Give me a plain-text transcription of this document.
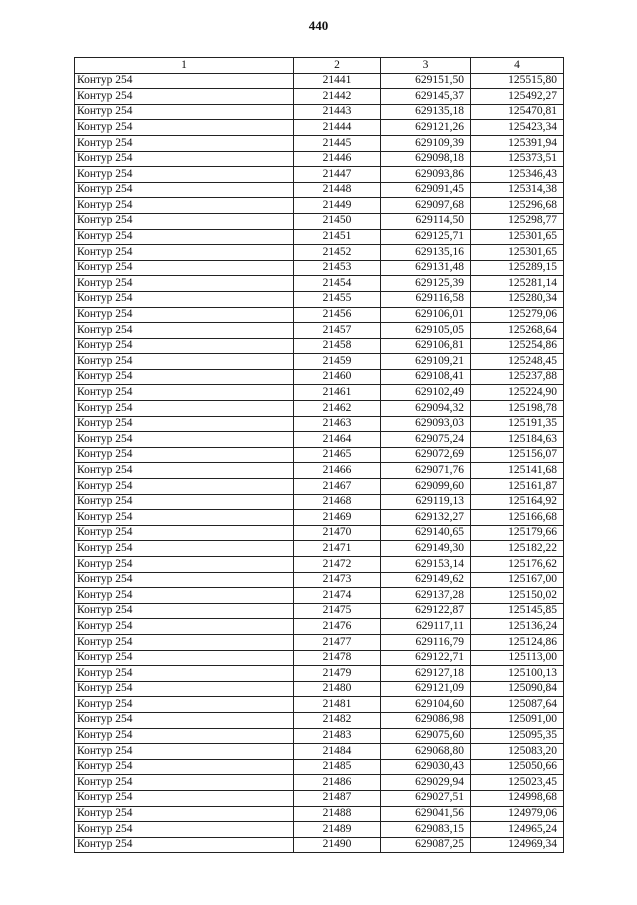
440
1	2	3	4
Контур 254	21441	629151,50	125515,80
Контур 254	21442	629145,37	125492,27
Контур 254	21443	629135,18	125470,81
Контур 254	21444	629121,26	125423,34
Контур 254	21445	629109,39	125391,94
Контур 254	21446	629098,18	125373,51
Контур 254	21447	629093,86	125346,43
Контур 254	21448	629091,45	125314,38
Контур 254	21449	629097,68	125296,68
Контур 254	21450	629114,50	125298,77
Контур 254	21451	629125,71	125301,65
Контур 254	21452	629135,16	125301,65
Контур 254	21453	629131,48	125289,15
Контур 254	21454	629125,39	125281,14
Контур 254	21455	629116,58	125280,34
Контур 254	21456	629106,01	125279,06
Контур 254	21457	629105,05	125268,64
Контур 254	21458	629106,81	125254,86
Контур 254	21459	629109,21	125248,45
Контур 254	21460	629108,41	125237,88
Контур 254	21461	629102,49	125224,90
Контур 254	21462	629094,32	125198,78
Контур 254	21463	629093,03	125191,35
Контур 254	21464	629075,24	125184,63
Контур 254	21465	629072,69	125156,07
Контур 254	21466	629071,76	125141,68
Контур 254	21467	629099,60	125161,87
Контур 254	21468	629119,13	125164,92
Контур 254	21469	629132,27	125166,68
Контур 254	21470	629140,65	125179,66
Контур 254	21471	629149,30	125182,22
Контур 254	21472	629153,14	125176,62
Контур 254	21473	629149,62	125167,00
Контур 254	21474	629137,28	125150,02
Контур 254	21475	629122,87	125145,85
Контур 254	21476	629117,11	125136,24
Контур 254	21477	629116,79	125124,86
Контур 254	21478	629122,71	125113,00
Контур 254	21479	629127,18	125100,13
Контур 254	21480	629121,09	125090,84
Контур 254	21481	629104,60	125087,64
Контур 254	21482	629086,98	125091,00
Контур 254	21483	629075,60	125095,35
Контур 254	21484	629068,80	125083,20
Контур 254	21485	629030,43	125050,66
Контур 254	21486	629029,94	125023,45
Контур 254	21487	629027,51	124998,68
Контур 254	21488	629041,56	124979,06
Контур 254	21489	629083,15	124965,24
Контур 254	21490	629087,25	124969,34
